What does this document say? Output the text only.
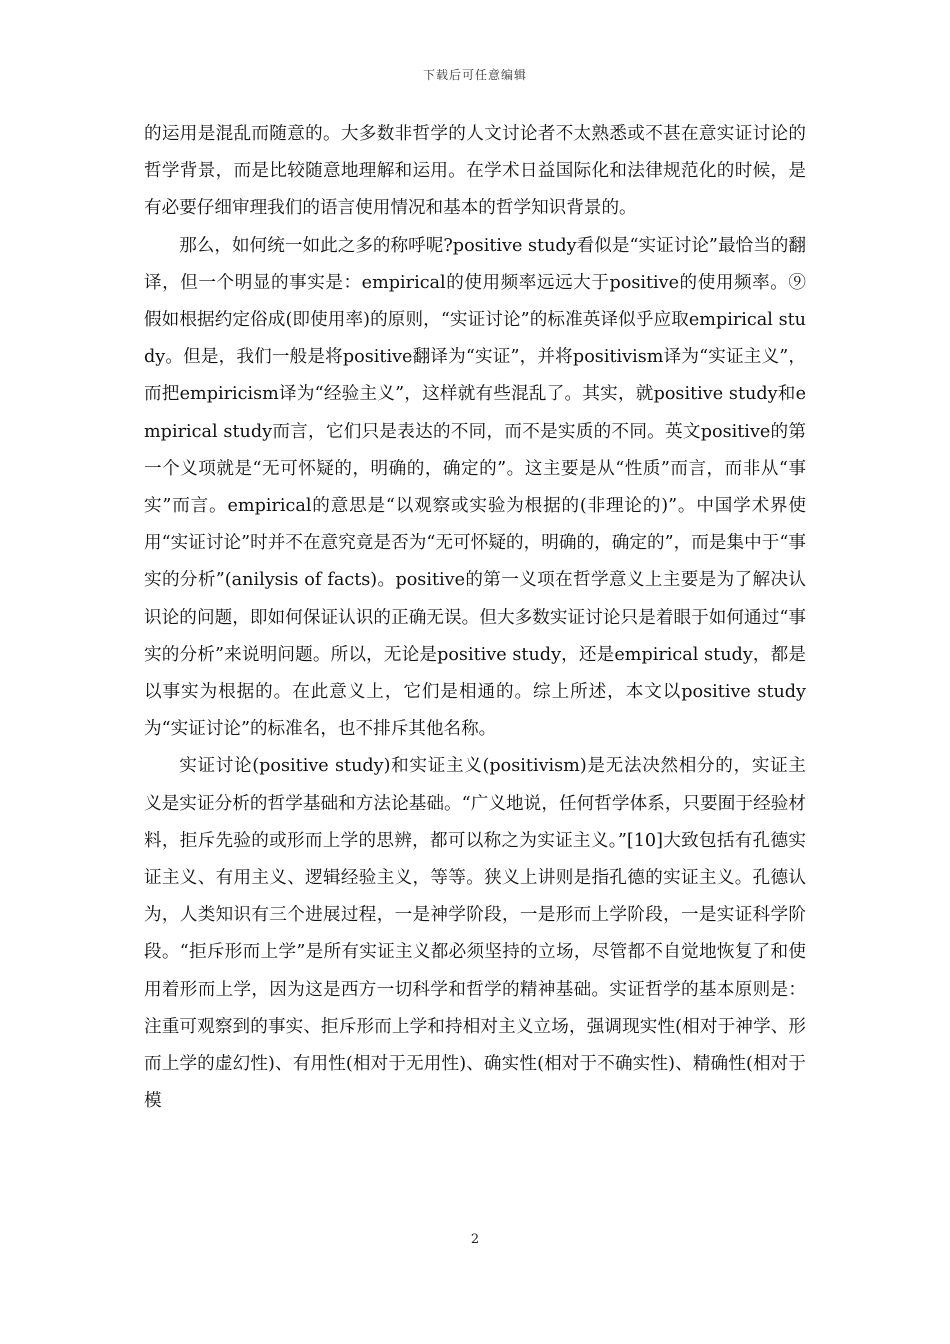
下载后可任意编辑

的运用是混乱而随意的。大多数非哲学的人文讨论者不太熟悉或不甚在意实证讨论的哲学背景，而是比较随意地理解和运用。在学术日益国际化和法律规范化的时候，是有必要仔细审理我们的语言使用情况和基本的哲学知识背景的。

那么，如何统一如此之多的称呼呢?positive study看似是“实证讨论”最恰当的翻译，但一个明显的事实是：empirical的使用频率远远大于positive的使用频率。⑨假如根据约定俗成(即使用率)的原则，“实证讨论”的标准英译似乎应取empirical study。但是，我们一般是将positive翻译为“实证”，并将positivism译为“实证主义”，而把empiricism译为“经验主义”，这样就有些混乱了。其实，就positive study和empirical study而言，它们只是表达的不同，而不是实质的不同。英文positive的第一个义项就是“无可怀疑的，明确的，确定的”。这主要是从“性质”而言，而非从“事实”而言。empirical的意思是“以观察或实验为根据的(非理论的)”。中国学术界使用“实证讨论”时并不在意究竟是否为“无可怀疑的，明确的，确定的”，而是集中于“事实的分析”(anilysis of facts)。positive的第一义项在哲学意义上主要是为了解决认识论的问题，即如何保证认识的正确无误。但大多数实证讨论只是着眼于如何通过“事实的分析”来说明问题。所以，无论是positive study，还是empirical study，都是以事实为根据的。在此意义上，它们是相通的。综上所述，本文以positive study为“实证讨论”的标准名，也不排斥其他名称。

实证讨论(positive study)和实证主义(positivism)是无法决然相分的，实证主义是实证分析的哲学基础和方法论基础。“广义地说，任何哲学体系，只要囿于经验材料，拒斥先验的或形而上学的思辨，都可以称之为实证主义。”[10]大致包括有孔德实证主义、有用主义、逻辑经验主义，等等。狭义上讲则是指孔德的实证主义。孔德认为，人类知识有三个进展过程，一是神学阶段，一是形而上学阶段，一是实证科学阶段。“拒斥形而上学”是所有实证主义都必须坚持的立场，尽管都不自觉地恢复了和使用着形而上学，因为这是西方一切科学和哲学的精神基础。实证哲学的基本原则是：注重可观察到的事实、拒斥形而上学和持相对主义立场，强调现实性(相对于神学、形而上学的虚幻性)、有用性(相对于无用性)、确实性(相对于不确实性)、精确性(相对于模

2
